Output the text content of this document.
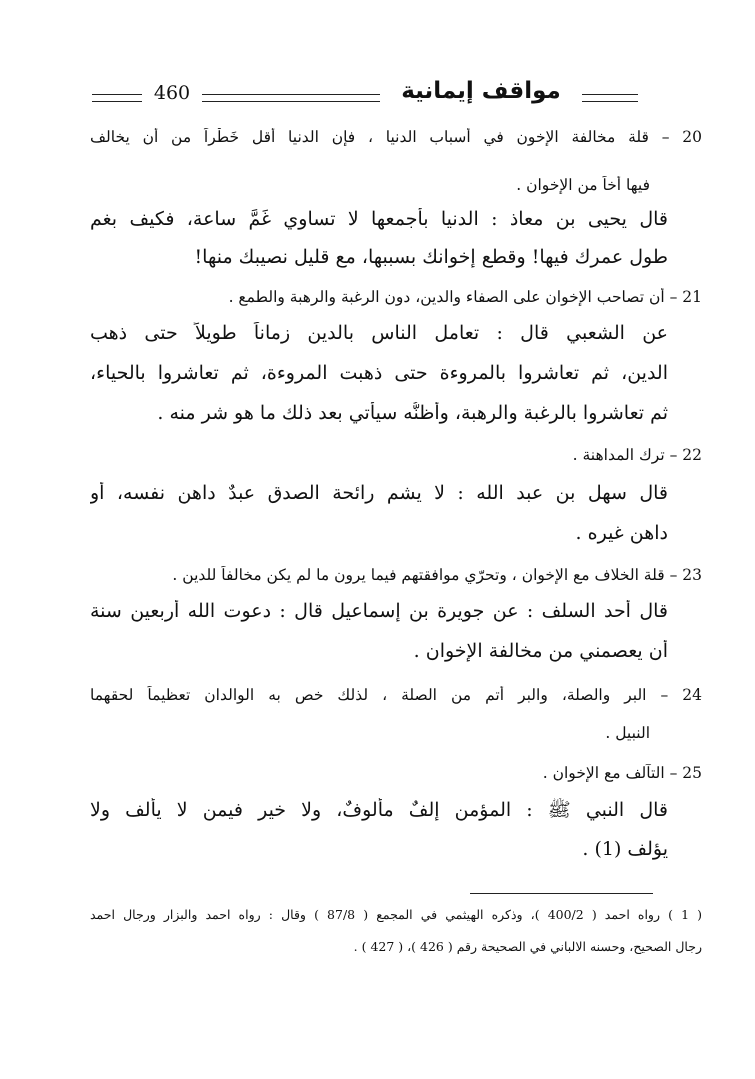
460	مواقف إيمانية
20 – قلة مخالفة الإخون في أسباب الدنيا ، فإن الدنيا أقل خَطْراً من أن يخالف
فيها أخاً من الإخوان .
قال يحيى بن معاذ : الدنيا بأجمعها لا تساوي غَمَّ ساعة، فكيف بغم
طول عمرك فيها! وقطع إخوانك بسببها، مع قليل نصيبك منها!
21 – أن تصاحب الإخوان على الصفاء والدين، دون الرغبة والرهبة والطمع .
عن الشعبي قال : تعامل الناس بالدين زماناً طويلاً حتى ذهب
الدين، ثم تعاشروا بالمروءة حتى ذهبت المروءة، ثم تعاشروا بالحياء،
ثم تعاشروا بالرغبة والرهبة، وأظنُّه سيأتي بعد ذلك ما هو شر منه .
22 – ترك المداهنة .
قال سهل بن عبد الله : لا يشم رائحة الصدق عبدٌ داهن نفسه، أو
داهن غيره .
23 – قلة الخلاف مع الإخوان ، وتحرّي موافقتهم فيما يرون ما لم يكن مخالفاً للدين .
قال أحد السلف : عن جويرة بن إسماعيل قال : دعوت الله أربعين سنة
أن يعصمني من مخالفة الإخوان .
24 – البر والصلة، والبر أتم من الصلة ، لذلك خص به الوالدان تعظيماً لحقهما
النبيل .
25 – التآلف مع الإخوان .
قال النبي ﷺ : المؤمن إلفٌ مألوفٌ، ولا خير فيمن لا يألف ولا
يؤلف (1) .
( 1 ) رواه احمد ( 400/2 )، وذكره الهيثمي في المجمع ( 87/8 ) وقال : رواه احمد والبزار ورجال احمد
رجال الصحيح، وحسنه الالباني في الصحيحة رقم ( 426 )، ( 427 ) .
